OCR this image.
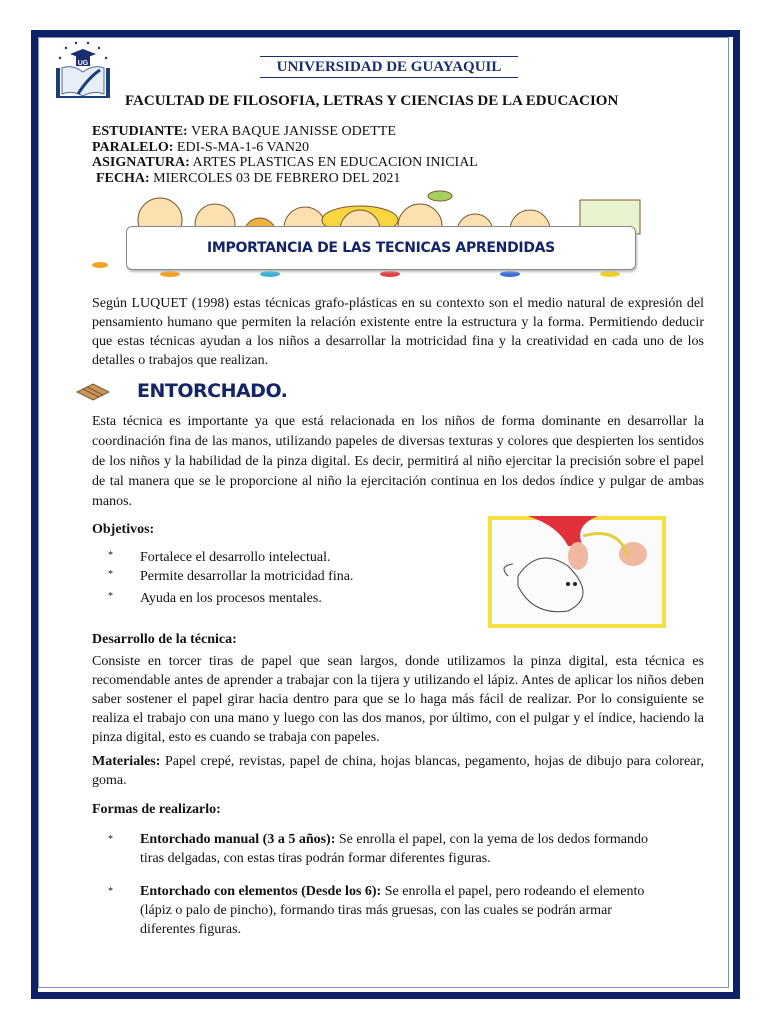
UG	UNIVERSIDAD DE GUAYAQUIL
FACULTAD DE FILOSOFIA, LETRAS Y CIENCIAS DE LA EDUCACION
ESTUDIANTE: VERA BAQUE JANISSE ODETTE
PARALELO: EDI-S-MA-1-6 VAN20
ASIGNATURA: ARTES PLASTICAS EN EDUCACION INICIAL
FECHA: MIERCOLES 03 DE FEBRERO DEL 2021
IMPORTANCIA DE LAS TECNICAS APRENDIDAS
Según LUQUET (1998) estas técnicas grafo-plásticas en su contexto son el medio natural de expresión del pensamiento humano que permiten la relación existente entre la estructura y la forma. Permitiendo deducir que estas técnicas ayudan a los niños a desarrollar la motricidad fina y la creatividad en cada uno de los detalles o trabajos que realizan.
ENTORCHADO.
Esta técnica es importante ya que está relacionada en los niños de forma dominante en desarrollar la coordinación fina de las manos, utilizando papeles de diversas texturas y colores que despierten los sentidos de los niños y la habilidad de la pinza digital. Es decir, permitirá al niño ejercitar la precisión sobre el papel de tal manera que se le proporcione al niño la ejercitación continua en los dedos índice y pulgar de ambas manos.
Objetivos:
*	Fortalece el desarrollo intelectual.
*	Permite desarrollar la motricidad fina.
*	Ayuda en los procesos mentales.
Desarrollo de la técnica:
Consiste en torcer tiras de papel que sean largos, donde utilizamos la pinza digital, esta técnica es recomendable antes de aprender a trabajar con la tijera y utilizando el lápiz. Antes de aplicar los niños deben saber sostener el papel girar hacia dentro para que se lo haga más fácil de realizar. Por lo consiguiente se realiza el trabajo con una mano y luego con las dos manos, por último, con el pulgar y el índice, haciendo la pinza digital, esto es cuando se trabaja con papeles.
Materiales: Papel crepé, revistas, papel de china, hojas blancas, pegamento, hojas de dibujo para colorear, goma.
Formas de realizarlo:
*	Entorchado manual (3 a 5 años): Se enrolla el papel, con la yema de los dedos formando tiras delgadas, con estas tiras podrán formar diferentes figuras.
*	Entorchado con elementos (Desde los 6): Se enrolla el papel, pero rodeando el elemento (lápiz o palo de pincho), formando tiras más gruesas, con las cuales se podrán armar diferentes figuras.
